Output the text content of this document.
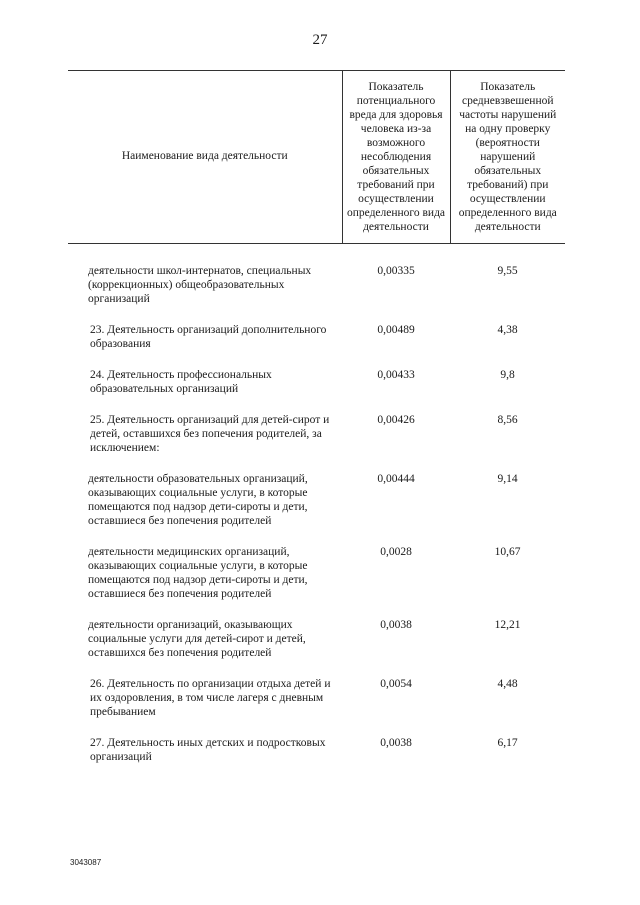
27
Наименование вида деятельности	Показатель потенциального вреда для здоровья человека из-за возможного несоблюдения обязательных требований при осуществлении определенного вида деятельности	Показатель средневзвешенной частоты нарушений на одну проверку (вероятности нарушений обязательных требований) при осуществлении определенного вида деятельности
деятельности школ-интернатов, специальных (коррекционных) общеобразовательных организаций	0,00335	9,55
23. Деятельность организаций дополнительного образования	0,00489	4,38
24. Деятельность профессиональных образовательных организаций	0,00433	9,8
25. Деятельность организаций для детей-сирот и детей, оставшихся без попечения родителей, за исключением:	0,00426	8,56
деятельности образовательных организаций, оказывающих социальные услуги, в которые помещаются под надзор дети-сироты и дети, оставшиеся без попечения родителей	0,00444	9,14
деятельности медицинских организаций, оказывающих социальные услуги, в которые помещаются под надзор дети-сироты и дети, оставшиеся без попечения родителей	0,0028	10,67
деятельности организаций, оказывающих социальные услуги для детей-сирот и детей, оставшихся без попечения родителей	0,0038	12,21
26. Деятельность по организации отдыха детей и их оздоровления, в том числе лагеря с дневным пребыванием	0,0054	4,48
27. Деятельность иных детских и подростковых организаций	0,0038	6,17
3043087
